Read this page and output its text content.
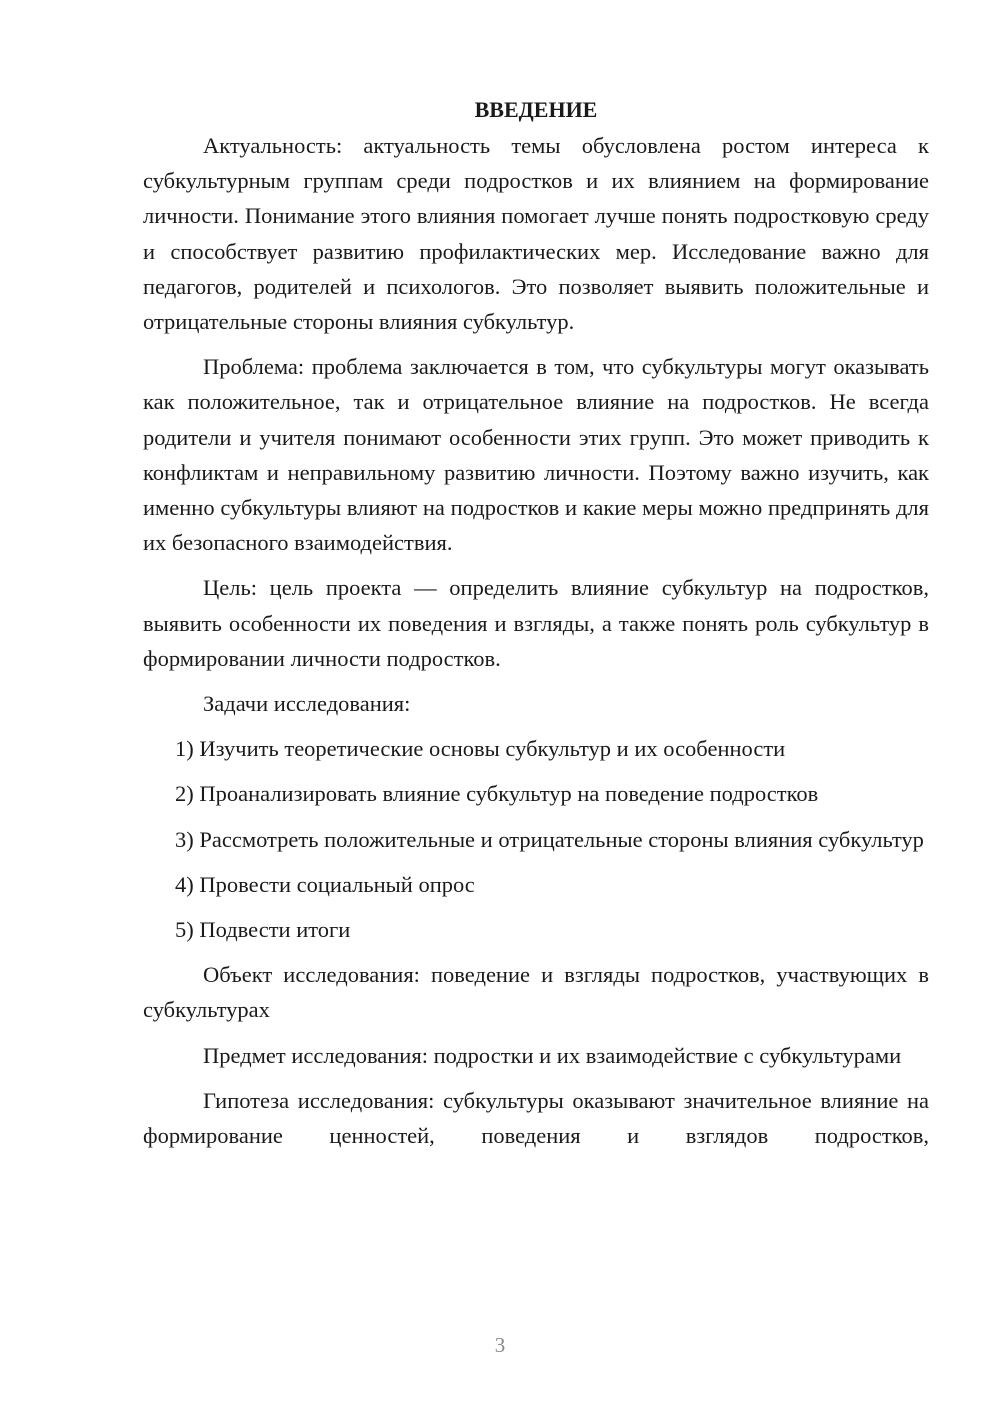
ВВЕДЕНИЕ

Актуальность: актуальность темы обусловлена ростом интереса к субкультурным группам среди подростков и их влиянием на формирование личности. Понимание этого влияния помогает лучше понять подростковую среду и способствует развитию профилактических мер. Исследование важно для педагогов, родителей и психологов. Это позволяет выявить положительные и отрицательные стороны влияния субкультур.

Проблема: проблема заключается в том, что субкультуры могут оказывать как положительное, так и отрицательное влияние на подростков. Не всегда родители и учителя понимают особенности этих групп. Это может приводить к конфликтам и неправильному развитию личности. Поэтому важно изучить, как именно субкультуры влияют на подростков и какие меры можно предпринять для их безопасного взаимодействия.

Цель: цель проекта — определить влияние субкультур на подростков, выявить особенности их поведения и взгляды, а также понять роль субкультур в формировании личности подростков.

Задачи исследования:

1) Изучить теоретические основы субкультур и их особенности

2) Проанализировать влияние субкультур на поведение подростков

3) Рассмотреть положительные и отрицательные стороны влияния субкультур

4) Провести социальный опрос

5) Подвести итоги

Объект исследования: поведение и взгляды подростков, участвующих в субкультурах

Предмет исследования: подростки и их взаимодействие с субкультурами

Гипотеза исследования: субкультуры оказывают значительное влияние на формирование ценностей, поведения и взглядов подростков,

3
